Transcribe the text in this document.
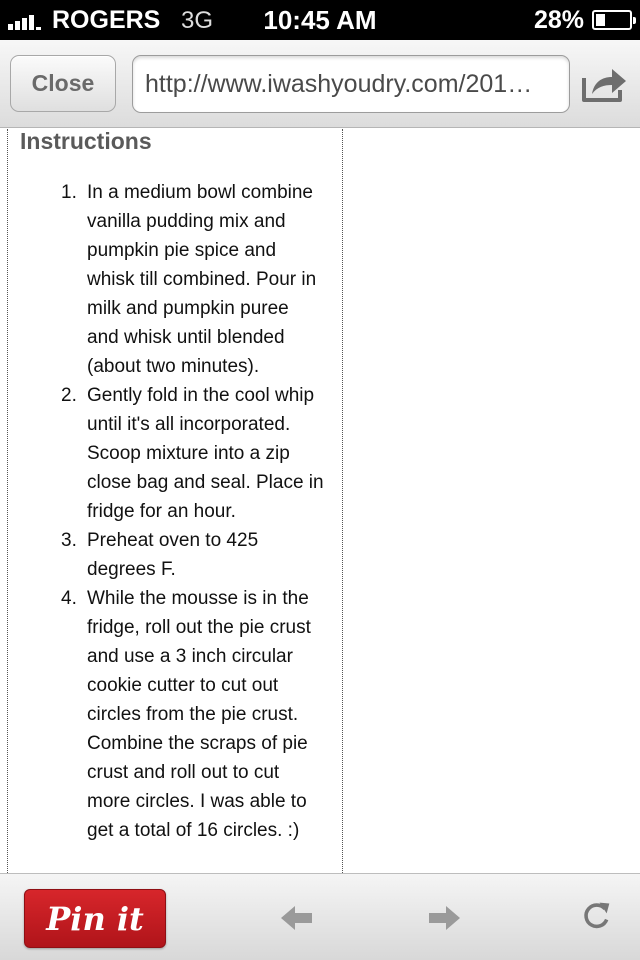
ROGERS 3G	10:45 AM	28%
Close	http://www.iwashyoudry.com/201…
Instructions
1. In a medium bowl combine vanilla pudding mix and pumpkin pie spice and whisk till combined. Pour in milk and pumpkin puree and whisk until blended (about two minutes).
2. Gently fold in the cool whip until it's all incorporated. Scoop mixture into a zip close bag and seal. Place in fridge for an hour.
3. Preheat oven to 425 degrees F.
4. While the mousse is in the fridge, roll out the pie crust and use a 3 inch circular cookie cutter to cut out circles from the pie crust. Combine the scraps of pie crust and roll out to cut more circles. I was able to get a total of 16 circles. :)
Pin it
